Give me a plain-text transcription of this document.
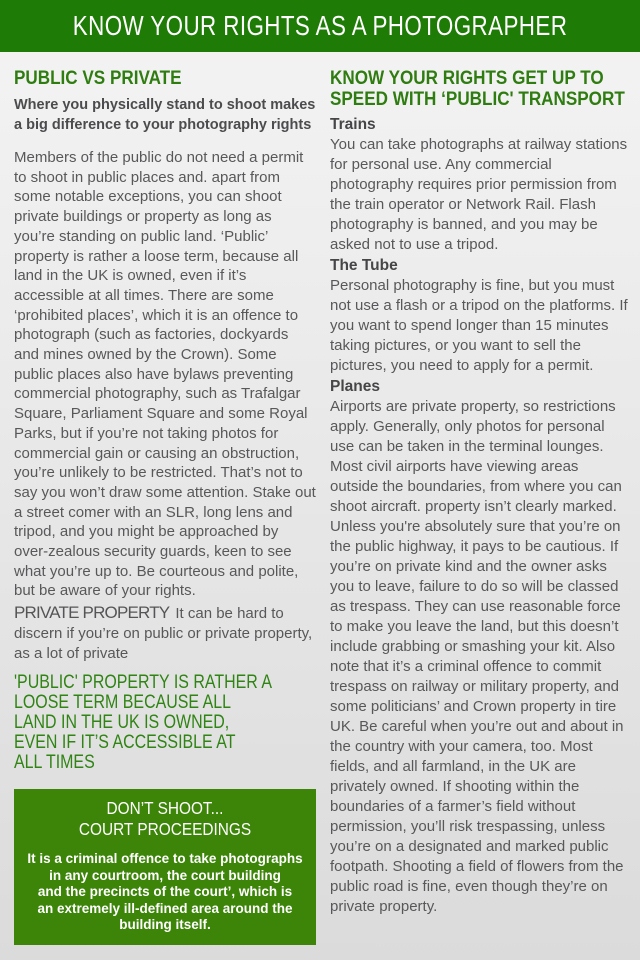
KNOW YOUR RIGHTS AS A PHOTOGRAPHER
PUBLIC VS PRIVATE

Where you physically stand to shoot makes a big difference to your photography rights

Members of the public do not need a permit to shoot in public places and. apart from some notable exceptions, you can shoot private buildings or property as long as you’re standing on public land. ‘Public’ property is rather a loose term, because all land in the UK is owned, even if it’s accessible at all times. There are some ‘prohibited places’, which it is an offence to photograph (such as factories, dockyards and mines owned by the Crown). Some public places also have bylaws preventing commercial photography, such as Trafalgar Square, Parliament Square and some Royal Parks, but if you’re not taking photos for commercial gain or causing an obstruction, you’re unlikely to be restricted. That’s not to say you won’t draw some attention. Stake out a street comer with an SLR, long lens and tripod, and you might be approached by over-zealous security guards, keen to see what you’re up to. Be courteous and polite, but be aware of your rights.

PRIVATE PROPERTY It can be hard to discern if you’re on public or private property, as a lot of private

'PUBLIC' PROPERTY IS RATHER A
LOOSE TERM BECAUSE ALL
LAND IN THE UK IS OWNED,
EVEN IF IT’S ACCESSIBLE AT
ALL TIMES
DON’T SHOOT...
COURT PROCEEDINGS
It is a criminal offence to take photographs
in any courtroom, the court building
and the precincts of the court’, which is
an extremely ill-defined area around the
building itself.
KNOW YOUR RIGHTS GET UP TO
SPEED WITH ‘PUBLIC' TRANSPORT
Trains

You can take photographs at railway stations for personal use. Any commercial photography requires prior permission from the train operator or Network Rail. Flash photography is banned, and you may be asked not to use a tripod.

The Tube

Personal photography is fine, but you must not use a flash or a tripod on the platforms. If you want to spend longer than 15 minutes taking pictures, or you want to sell the pictures, you need to apply for a permit.

Planes

Airports are private property, so restrictions apply. Generally, only photos for personal use can be taken in the terminal lounges. Most civil airports have viewing areas outside the boundaries, from where you can shoot aircraft. property isn’t clearly marked. Unless you're absolutely sure that you’re on the public highway, it pays to be cautious. If you’re on private kind and the owner asks you to leave, failure to do so will be classed as trespass. They can use reasonable force to make you leave the land, but this doesn’t include grabbing or smashing your kit. Also note that it’s a criminal offence to commit trespass on railway or military property, and some politicians’ and Crown property in tire UK. Be careful when you’re out and about in the country with your camera, too. Most fields, and all farmland, in the UK are privately owned. If shooting within the boundaries of a farmer’s field without permission, you’ll risk trespassing, unless you’re on a designated and marked public footpath. Shooting a field of flowers from the public road is fine, even though they’re on private property.
